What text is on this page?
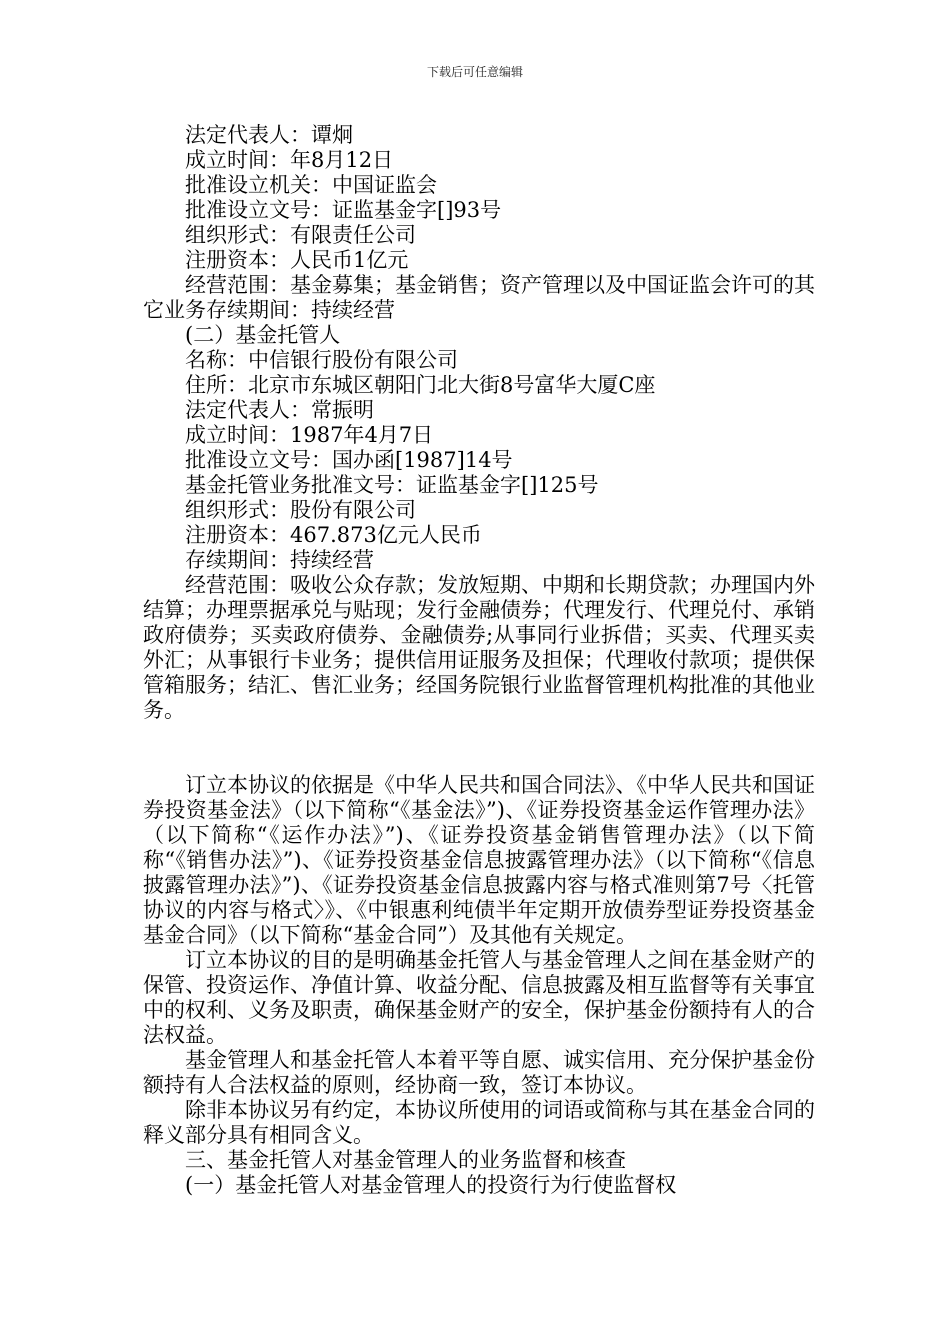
下载后可任意编辑

法定代表人：谭炯

成立时间：年8月12日

批准设立机关：中国证监会

批准设立文号：证监基金字[]93号

组织形式：有限责任公司

注册资本：人民币1亿元

经营范围：基金募集；基金销售；资产管理以及中国证监会许可的其它业务存续期间：持续经营

(二）基金托管人

名称：中信银行股份有限公司

住所：北京市东城区朝阳门北大街8号富华大厦C座

法定代表人：常振明

成立时间：1987年4月7日

批准设立文号：国办函[1987]14号

基金托管业务批准文号：证监基金字[]125号

组织形式：股份有限公司

注册资本：467.873亿元人民币

存续期间：持续经营

经营范围：吸收公众存款；发放短期、中期和长期贷款；办理国内外结算；办理票据承兑与贴现；发行金融债券；代理发行、代理兑付、承销政府债券；买卖政府债券、金融债券;从事同行业拆借；买卖、代理买卖外汇；从事银行卡业务；提供信用证服务及担保；代理收付款项；提供保管箱服务；结汇、售汇业务；经国务院银行业监督管理机构批准的其他业务。

订立本协议的依据是《中华人民共和国合同法》、《中华人民共和国证券投资基金法》（以下简称“《基金法》”)、《证券投资基金运作管理办法》（以下简称“《运作办法》”)、《证券投资基金销售管理办法》（以下简称“《销售办法》”)、《证券投资基金信息披露管理办法》（以下简称“《信息披露管理办法》”)、《证券投资基金信息披露内容与格式准则第7号〈托管协议的内容与格式〉》、《中银惠利纯债半年定期开放债券型证券投资基金基金合同》（以下简称“基金合同”）及其他有关规定。

订立本协议的目的是明确基金托管人与基金管理人之间在基金财产的保管、投资运作、净值计算、收益分配、信息披露及相互监督等有关事宜中的权利、义务及职责，确保基金财产的安全，保护基金份额持有人的合法权益。

基金管理人和基金托管人本着平等自愿、诚实信用、充分保护基金份额持有人合法权益的原则，经协商一致，签订本协议。

除非本协议另有约定，本协议所使用的词语或简称与其在基金合同的释义部分具有相同含义。

三、基金托管人对基金管理人的业务监督和核查

(一）基金托管人对基金管理人的投资行为行使监督权
